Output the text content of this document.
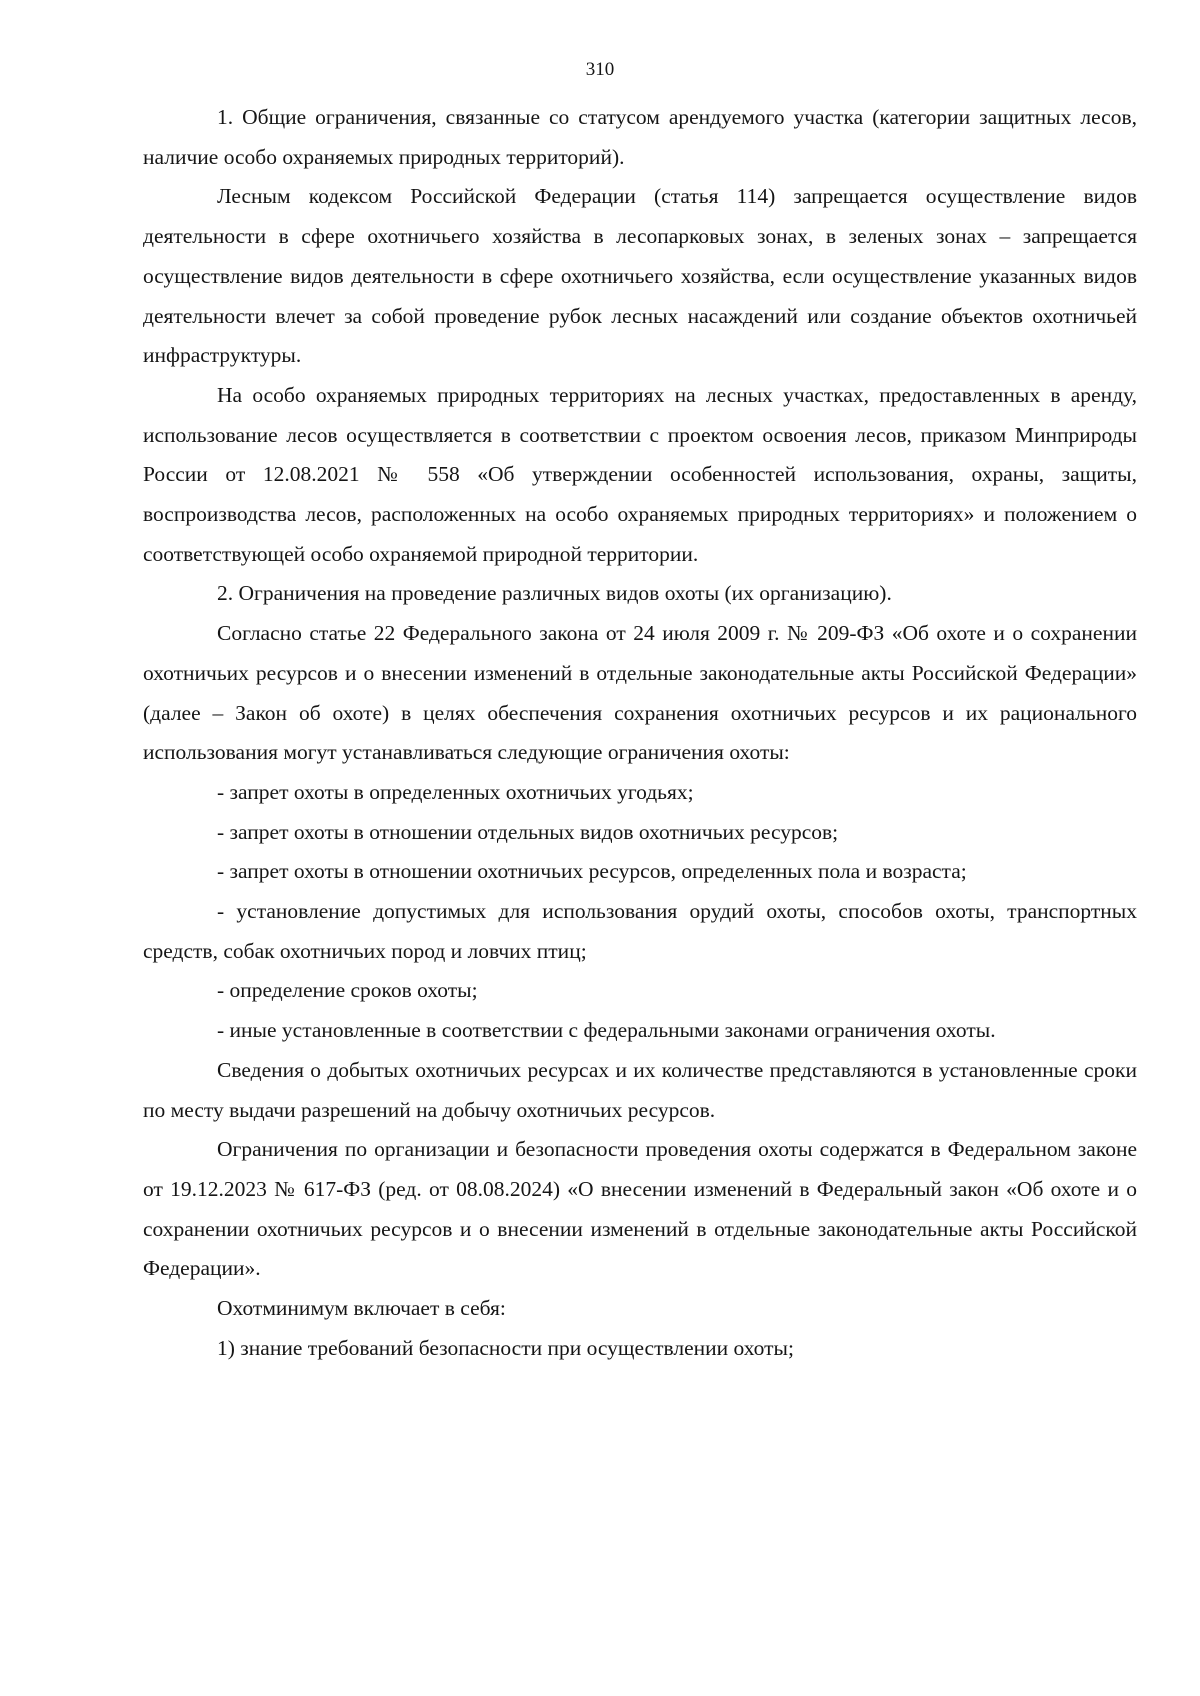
310

1. Общие ограничения, связанные со статусом арендуемого участка (категории защитных лесов, наличие особо охраняемых природных территорий).

Лесным кодексом Российской Федерации (статья 114) запрещается осуществление видов деятельности в сфере охотничьего хозяйства в лесопарковых зонах, в зеленых зонах – запрещается осуществление видов деятельности в сфере охотничьего хозяйства, если осуществление указанных видов деятельности влечет за собой проведение рубок лесных насаждений или создание объектов охотничьей инфраструктуры.

На особо охраняемых природных территориях на лесных участках, предоставленных в аренду, использование лесов осуществляется в соответствии с проектом освоения лесов, приказом Минприроды России от 12.08.2021 № 558 «Об утверждении особенностей использования, охраны, защиты, воспроизводства лесов, расположенных на особо охраняемых природных территориях» и положением о соответствующей особо охраняемой природной территории.

2. Ограничения на проведение различных видов охоты (их организацию).

Согласно статье 22 Федерального закона от 24 июля 2009 г. № 209-ФЗ «Об охоте и о сохранении охотничьих ресурсов и о внесении изменений в отдельные законодательные акты Российской Федерации» (далее – Закон об охоте) в целях обеспечения сохранения охотничьих ресурсов и их рационального использования могут устанавливаться следующие ограничения охоты:

- запрет охоты в определенных охотничьих угодьях;

- запрет охоты в отношении отдельных видов охотничьих ресурсов;

- запрет охоты в отношении охотничьих ресурсов, определенных пола и возраста;

- установление допустимых для использования орудий охоты, способов охоты, транспортных средств, собак охотничьих пород и ловчих птиц;

- определение сроков охоты;

- иные установленные в соответствии с федеральными законами ограничения охоты.

Сведения о добытых охотничьих ресурсах и их количестве представляются в установленные сроки по месту выдачи разрешений на добычу охотничьих ресурсов.

Ограничения по организации и безопасности проведения охоты содержатся в Федеральном законе от 19.12.2023 № 617-ФЗ (ред. от 08.08.2024) «О внесении изменений в Федеральный закон «Об охоте и о сохранении охотничьих ресурсов и о внесении изменений в отдельные законодательные акты Российской Федерации».

Охотминимум включает в себя:

1) знание требований безопасности при осуществлении охоты;
